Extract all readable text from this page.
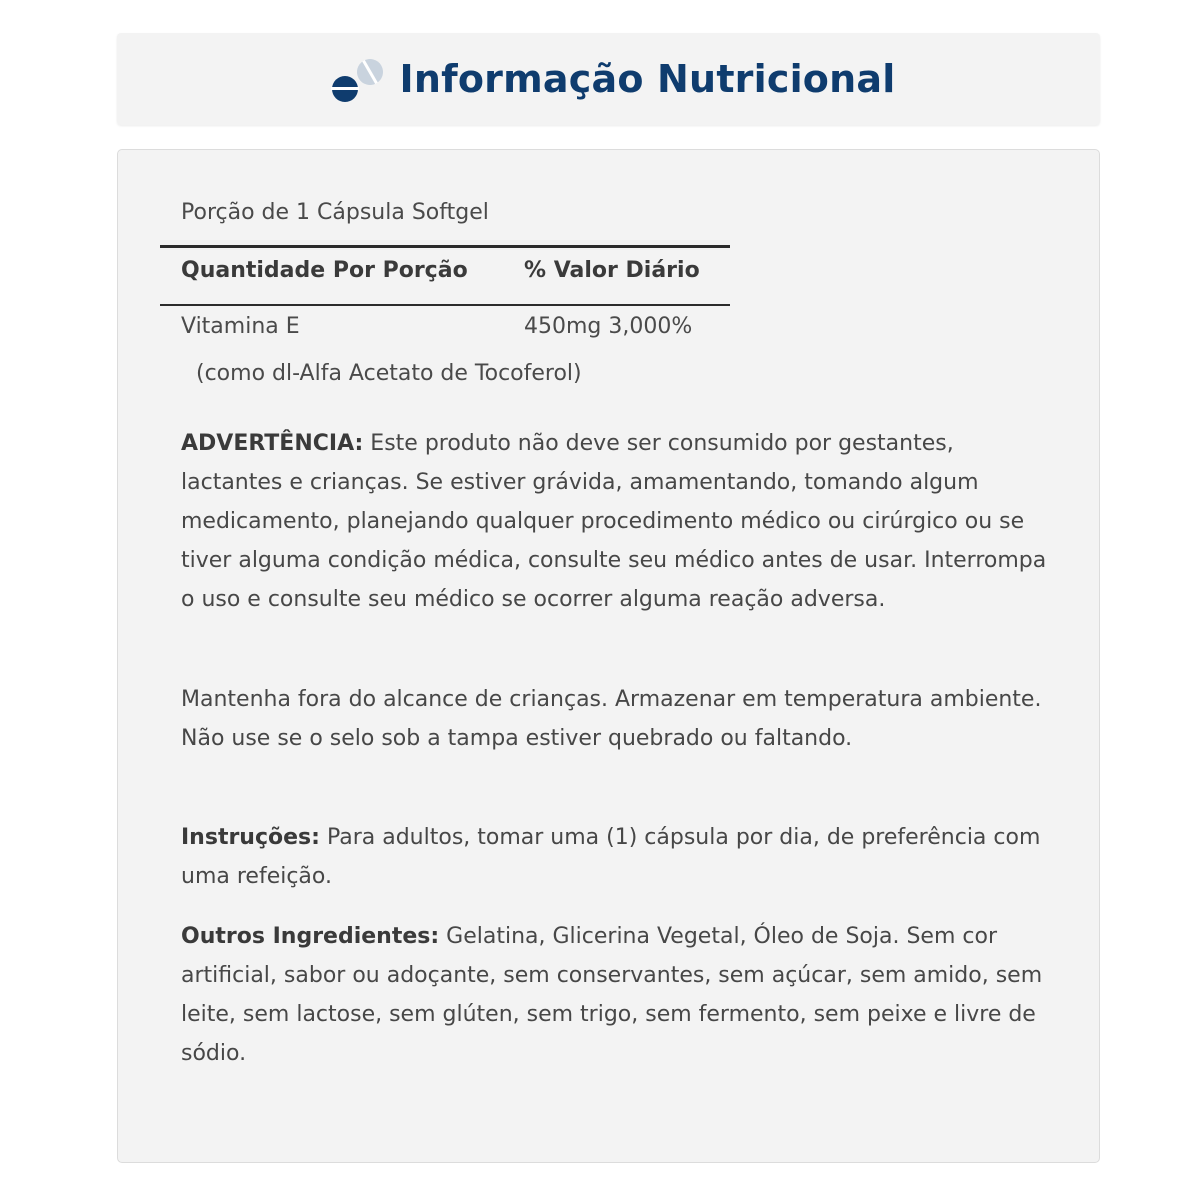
Informação Nutricional
Porção de 1 Cápsula Softgel
Quantidade Por Porção	% Valor Diário
Vitamina E	450mg 3,000%
(como dl-Alfa Acetato de Tocoferol)

ADVERTÊNCIA: Este produto não deve ser consumido por gestantes, lactantes e crianças. Se estiver grávida, amamentando, tomando algum medicamento, planejando qualquer procedimento médico ou cirúrgico ou se tiver alguma condição médica, consulte seu médico antes de usar. Interrompa o uso e consulte seu médico se ocorrer alguma reação adversa.

Mantenha fora do alcance de crianças. Armazenar em temperatura ambiente. Não use se o selo sob a tampa estiver quebrado ou faltando.

Instruções: Para adultos, tomar uma (1) cápsula por dia, de preferência com uma refeição.

Outros Ingredientes: Gelatina, Glicerina Vegetal, Óleo de Soja. Sem cor artificial, sabor ou adoçante, sem conservantes, sem açúcar, sem amido, sem leite, sem lactose, sem glúten, sem trigo, sem fermento, sem peixe e livre de sódio.
